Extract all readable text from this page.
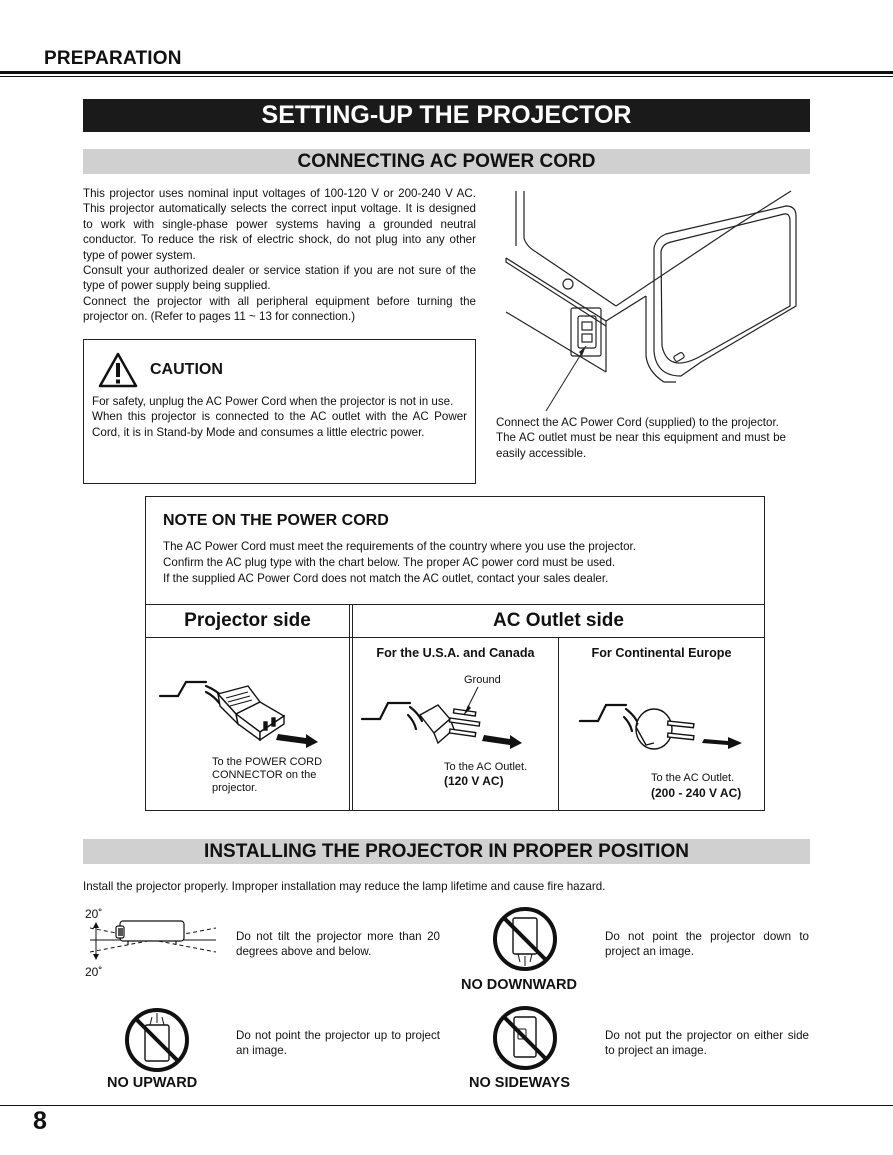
PREPARATION
SETTING-UP THE PROJECTOR
CONNECTING AC POWER CORD

This projector uses nominal input voltages of 100-120 V or 200-240 V AC. This projector automatically selects the correct input voltage. It is designed to work with single-phase power systems having a grounded neutral conductor. To reduce the risk of electric shock, do not plug into any other type of power system.

Consult your authorized dealer or service station if you are not sure of the type of power supply being supplied.

Connect the projector with all peripheral equipment before turning the projector on. (Refer to pages 11 ~ 13 for connection.)

Connect the AC Power Cord (supplied) to the projector.

The AC outlet must be near this equipment and must be easily accessible.

CAUTION

For safety, unplug the AC Power Cord when the projector is not in use.

When this projector is connected to the AC outlet with the AC Power Cord, it is in Stand-by Mode and consumes a little electric power.

NOTE ON THE POWER CORD
The AC Power Cord must meet the requirements of the country where you use the projector.
Confirm the AC plug type with the chart below. The proper AC power cord must be used.
If the supplied AC Power Cord does not match the AC outlet, contact your sales dealer.
Projector side	AC Outlet side
For the U.S.A. and Canada	For Continental Europe
To the POWER CORD
CONNECTOR on the
projector.
Ground
To the AC Outlet.
(120 V AC)	To the AC Outlet.
(200 - 240 V AC)
INSTALLING THE PROJECTOR IN PROPER POSITION
Install the projector properly. Improper installation may reduce the lamp lifetime and cause fire hazard.
20˚
20˚
Do not tilt the projector more than 20 degrees above and below.
NO DOWNWARD
Do not point the projector down to project an image.
NO UPWARD
Do not point the projector up to project an image.
NO SIDEWAYS
Do not put the projector on either side to project an image.
8
